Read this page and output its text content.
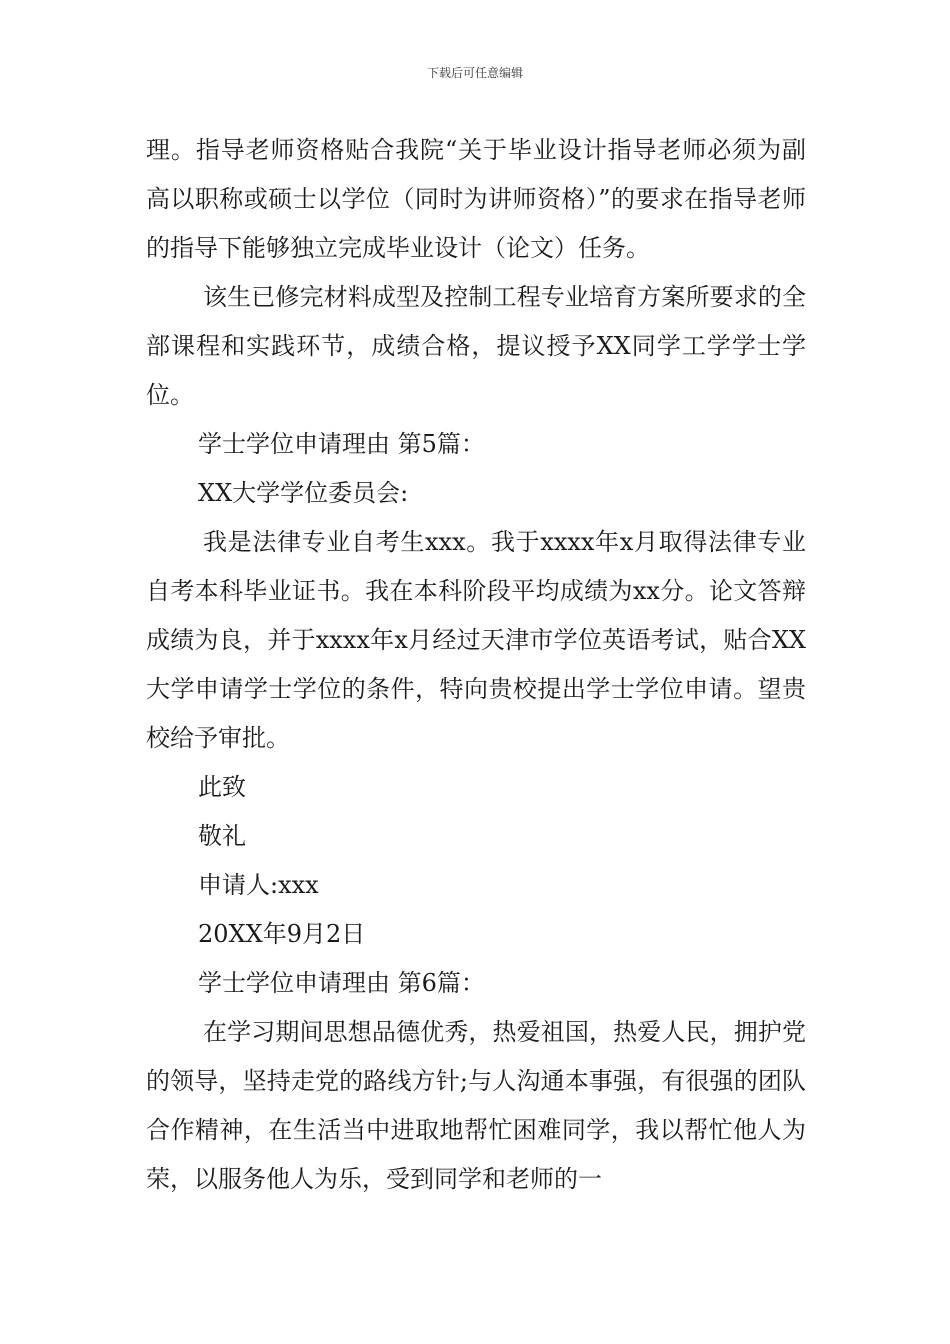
下载后可任意编辑

理。指导老师资格贴合我院“关于毕业设计指导老师必须为副高以职称或硕士以学位（同时为讲师资格）”的要求在指导老师的指导下能够独立完成毕业设计（论文）任务。

该生已修完材料成型及控制工程专业培育方案所要求的全部课程和实践环节，成绩合格，提议授予XX同学工学学士学位。

学士学位申请理由 第5篇：

XX大学学位委员会:

我是法律专业自考生xxx。我于xxxx年x月取得法律专业自考本科毕业证书。我在本科阶段平均成绩为xx分。论文答辩成绩为良，并于xxxx年x月经过天津市学位英语考试，贴合XX大学申请学士学位的条件，特向贵校提出学士学位申请。望贵校给予审批。

此致

敬礼

申请人:xxx

20XX年9月2日

学士学位申请理由 第6篇：

在学习期间思想品德优秀，热爱祖国，热爱人民，拥护党的领导，坚持走党的路线方针;与人沟通本事强，有很强的团队合作精神，在生活当中进取地帮忙困难同学，我以帮忙他人为荣，以服务他人为乐，受到同学和老师的一
